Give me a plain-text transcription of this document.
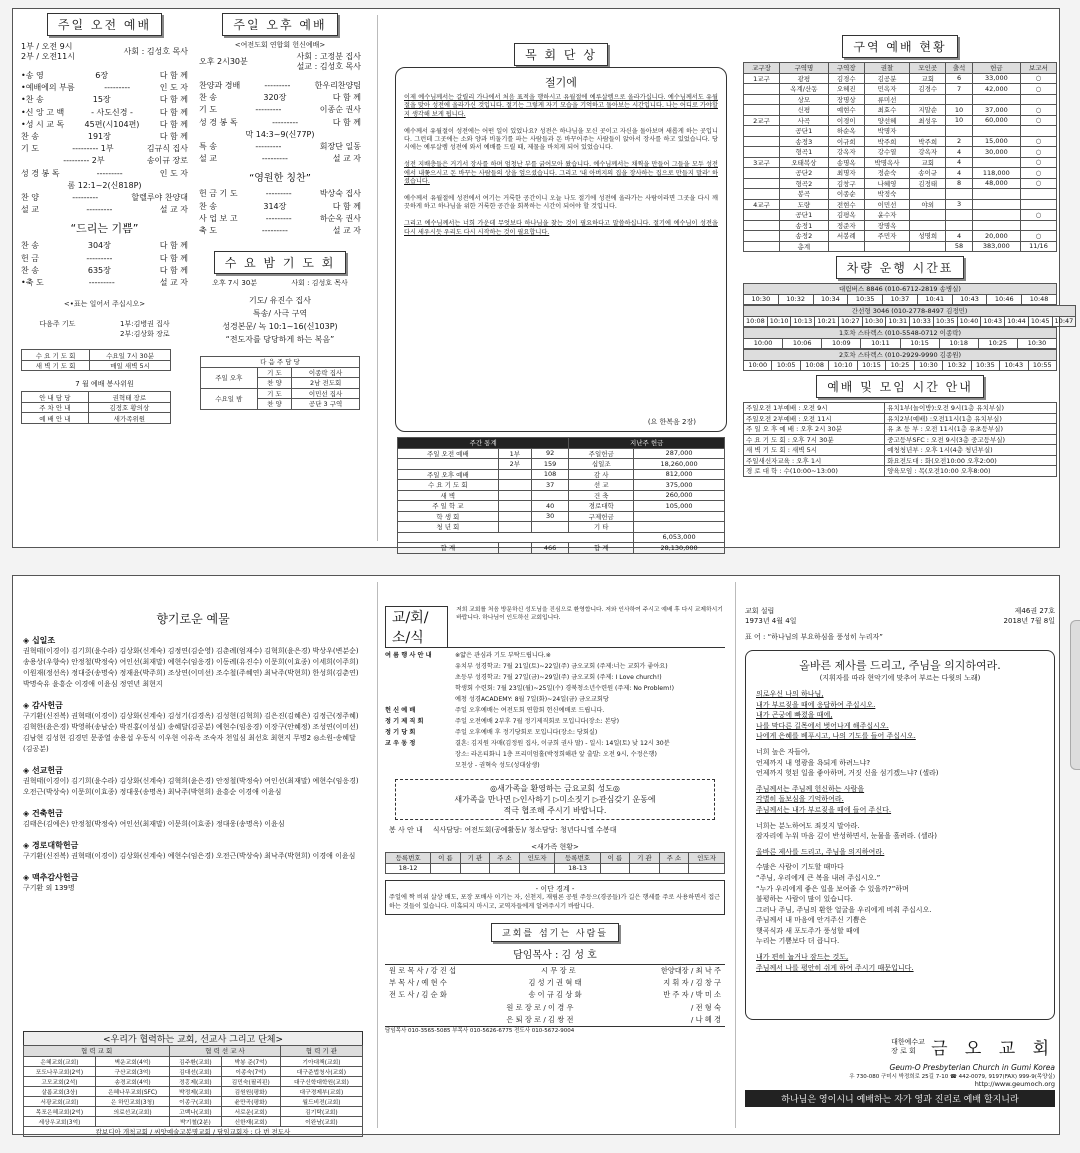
주일 오전 예배
1부 / 오전 9시
2부 / 오전11시
사회 : 김성호 목사
•송 영	6장	다 함 께
•예배에의 부름	---------	인 도 자
•찬 송	15장	다 함 께
•신 앙 고 백	- 사도신경 -	다 함 께
•성 시 교 독	45편(시104편)	다 함 께
찬 송	191장	다 함 께
기 도	--------- 1부	김규식 집사
--------- 2부	송이규 장로
성 경 봉 독	---------	인 도 자
롬 12:1~2(신818P)
찬 양	---------	할렐루야 찬양대
설 교	---------	설 교 자
“드리는 기쁨”
찬 송	304장	다 함 께
헌 금	---------	다 함 께
찬 송	635장	다 함 께
•축 도	---------	설 교 자
<•표는 일어서 주십시오>
다음주 기도	1부:김병권 집사
2부:김상화 장로
수 요 기 도 회	수요일 7시 30분
새 벽 기 도 회	매일 새벽 5시
7 월 예배 봉사위원
안 내 담 당	권혁태 장로
주 차 안 내	김정호 황의상
예 배 안 내	새가족위원
주일 오후 예배
<여전도회 연합회 헌신예배>
오후 2시30분
사회 : 고정분 집사
설교 : 김성호 목사
찬양과 경배	---------	한우리찬양팀
찬 송	320장	다 함 께
기 도	---------	이종순 권사
성 경 봉 독	---------	다 함 께
막 14:3~9(신77P)
특 송	---------	회장단 일동
설 교	---------	설 교 자
“영원한 칭찬”
헌 금 기 도	---------	박상숙 집사
찬 송	314장	다 함 께
사 업 보 고	---------	하순옥 권사
축 도	---------	설 교 자
수 요 밤 기 도 회
오후 7시 30분	사회 : 김성호 목사
기도/ 유진수 집사
특송/ 사극 구역
성경본문/ 녹 10:1~16(신103P)
“전도자를 당당하게 하는 복음”
다 음 주 담 당		
주일 오후	기 도	이종락 집사
	찬 양	2남 전도회
수요일 밤	기 도	이민선 집사
	찬 양	공단 3 구역
목 회 단 상
절기에

이제 예수님께서는 갈릴리 가나에서 처음 표적을 행하시고 유월절에 예루살렘으로 올라가십니다. 예수님께서도 유월절을 맞아 성전에 올라가신 것입니다. 절기는 그렇게 자기 모습을 기억하고 돌아보는 시간입니다. 나는 어디로 가야할지 생각해 보게 됩니다.

예수께서 유월절이 성전에는 어떤 일이 있었나요? 성전은 하나님을 모신 곳이고 자신을 돌아보며 새롭게 하는 곳입니다. 그런데 그곳에는 소와 양과 비둘기를 파는 사람들과 돈 바꾸어주는 사람들이 앉아서 장사를 하고 있었습니다. 당시에는 예루살렘 성전에 와서 예배를 드릴 때, 제물을 바치게 되어 있었습니다.

성전 지배층들은 거기서 장사를 하며 엄청난 부를 긁어모아 왔습니다. 예수님께서는 채찍을 만들어 그들을 모두 성전에서 내쫓으시고 돈 바꾸는 사람들의 상을 엎으셨습니다. 그리고 '내 아버지의 집을 장사하는 집으로 만들지 말라' 하셨습니다.

예수께서 유월절에 성전에서 여기는 거룩한 공간이니 오늘 나도 절기에 성전에 올라가는 사람이라면 그곳을 다시 깨끗하게 하고 하나님을 위한 거룩한 공간을 회복하는 시간이 되어야 할 것입니다.

그리고 예수님께서는 너희 가운데 무엇보다 하나님을 찾는 것이 필요하다고 말씀하십니다. 절기에 예수님이 성전을 다시 세우시듯 우리도 다시 시작하는 것이 필요합니다.

(요 한복음 2장)
주간 통계			지난주 헌금	
주일 오전 예배	1부	92	주일헌금	287,000
	2부	159	십일조	18,260,000
주일 오후 예배		108	감 사	812,000
수 요 기 도 회		37	선 교	375,000
새 벽			건 축	260,000
주 일 학 교		40	경로대학	105,000
학 생 회		30	구제헌금	
청 년 회			기 타	
				6,053,000
합 계		466	합 계	28,130,000
구역 예배 현황
교구장	구역명	구역장	권찰	모인곳	출석	헌금	보고서
1교구	광평	김경수	김공분	교회	6	33,000	○
	옥계/산동	오혜진	민옥자	김경수	7	42,000	○
	상모	장명상	류미선				
	신평	예현수	최효수	지말순	10	37,000	○
2교구	사곡	이경이	양선혜	최성우	10	60,000	○
	공단1	하순옥	박명자				
	송정3	이규희	박주희	박주희	2	15,000	○
	형곡1	강옥자	강수열	강옥자	4	30,000	○
3교구	오태복상	송명옥	박명옥사	교회	4		○
	공단2	최명자	정순숙	송이규	4	118,000	○
	형곡2	김창구	나혜영	김정태	8	48,000	○
	봉곡	이종순	박정숙				
4교구	도량	전현수	이민선	야외	3		
	공단1	김평옥	윤수자				○
	송정1	정준자	장명옥				
	송정2	서봉례	주민자	성명희	4	20,000	○
	총계				58	383,000	11/16
차량 운행 시간표
대림버스 8846 (010-6712-2819 송병실)
10:30	10:32	10:34	10:35	10:37	10:41	10:43	10:46	10:48
간선형 3046 (010-2778-8497 김정민)
10:08	10:10	10:13	10:21	10:27	10:30	10:31	10:33	10:35	10:40	10:43	10:44	10:45	10:47
1호차 스타렉스 (010-5548-0712 이종락)
10:00	10:06	10:09	10:11	10:15	10:18	10:25	10:30
2호차 스타렉스 (010-2929-9990 김종원)
10:00	10:05	10:08	10:10	10:15	10:25	10:30	10:32	10:35	10:43	10:55
예배 및 모임 시간 안내
주일오전 1부예배 : 오전 9시	유치1부(놀이방):오전 9시(1층 유치부실)
주일오전 2부예배 : 오전 11시	유치2부(예배) :오전11시(1층 유치부실)
주 일 오 후 예 배 : 오후 2시 30분	유 초 등 부 : 오전 11시(1층 유초등부실)
수 요 기 도 회 : 오후 7시 30분	중고등부SFC : 오전 9시(3층 중고등부실)
새 벽 기 도 회 : 새벽 5시	예청청년부 : 오후 1시(4층 청년부실)
주일새신자교육 : 오후 1시	화요전도대 : 화(오전10:00 오후2:00)
경 로 대 학 : 수(10:00~13:00)	양육모임 : 목(오전10:00 오후8:00)
향기로운 예물
◈ 십일조
권혁태(이경이) 김기희(윤수라) 김상화(신계숙) 김정연(김순영) 김춘례(엄재수) 김혁희(윤은경) 박상우(변분순) 송용상(우향숙) 안정철(박정숙) 여인선(최재말) 예현수(임응경) 이동례(유진수) 이문희(이효종) 이세희(이주희) 이원재(정선옥) 정대중(송명숙) 정재윤(박주희) 조상연(이미선) 조수철(주혜연) 최낙주(박현희) 한성희(김춘연) 박명숙유 윤흥순 이경애 이윤심 정연년 최현지
◈ 감사헌금
구기환(신진복) 권혁태(이경이) 김상화(신계숙) 김성기(김경옥) 김성현(김혁희) 김은진(김혜은) 김정근(정주혜) 김혁한(윤은경) 박영하(송남순) 박진홍(이성실) 송혜달(김공분) 예현수(임응경) 이장구(안혜정) 조성연(이미선) 김남현 김성현 김경민 문종열 송용섭 우동식 이우현 이유옥 조숙자 천일심 최선호 최현지 무명2 ◎소원-송혜달(김공분)
◈ 선교헌금
권혁태(이경이) 김기희(윤수라) 김상화(신계숙) 김혁희(윤은경) 안정철(박정숙) 여인선(최재말) 예현수(임응경) 오전근(박상숙) 이문희(이효종) 정대웅(송명옥) 최낙주(박현희) 윤흥순 이경애 이윤심
◈ 건축헌금
김태은(김예은) 안정철(박정숙) 여인선(최재말) 이문희(이효종) 정대웅(송명옥) 이윤심
◈ 경로대학헌금
구기환(신진복) 권혁태(이경이) 김상화(신계숙) 예현수(임은경) 오전근(박상숙) 최낙주(박현희) 이경애 이윤심
◈ 맥추감사헌금
구기환 외 139명
<우리가 협력하는 교회, 선교사 그리고 단체>
협 력 교 회		협 력 선 교 사		협 력 기 관
은혜교회(교회)	벽운교회(4억)	김주환(교회)	박봉 준(7억)	기아대책(교회)
포도나무교회(2억)	구산교회(3억)	김대선(교회)	이종숙(7억)	대구준법청사(교회)
고모교회(2석)	송경교회(4억)	정홍제(교회)	김민숙(필리핀)	대구신학대학원(교회)
살롬교회(3상)	은혜나무교회(SFC)	박정제(교회)	김원원(평화)	대구경제부(교회)
서광교회(교회)	은 하민교회(3청)	이종구(교회)	윤만곡(평화)	월드비전(교회)
목포은혜교회(2억)	의료선교(교회)	고백나(교회)	서로운(교회)	김기탁(교회)
세상우교회(3억)		박기철(2분)	신한재(교회)	이완남(교회)
캄보디아 개척교회 / 씨앗예술고봉명교회 / 담임교회자 : 다 번 전도사				
교/회/소/식
저희 교회를 처음 방문하신 성도님을 진심으로 환영합니다. 저와 인사하여 주시고 예배 후 다시 교제하시기 바랍니다. 하나님이 인도하신 교회입니다.
여 름 행 사 안 내	※얇은 관심과 기도 부탁드립니다.※
유치부 성경학교: 7월 21일(토)~22일(주) 금오교회 (주제:너는 교회가 좋아요)
초등부 성경학교: 7월 27일(금)~29일(주) 금오교회 (주제: I Love church!)
학생회 수련회: 7월 23일(월)~25일(수) 경북청소년수련원 (주제: No Problem!)
예청 성경ACADEMY: 8월 7일(화)~24일(금) 금오교회당
헌 신 예 배	주일 오후예배는 여전도회 연합회 헌신예배로 드립니다.
정 기 제 직 회	주일 오전예배 2부후 7월 정기제직회로 모입니다(장소: 본당)
정 기 당 회	주일 오후예배 후 정기당회로 모입니다(장소: 당회실)
교 우 동 정	결혼: 김지원 자매(김정원 집사, 이규희 권사 딸) - 일시: 14일(토) 낮 12시 30분
장소: 라온티화니 1층 프리미엄홀(박정희해관 앞 출발: 오전 9시, 수정은행)
모친상 - 권혁숙 성도(성대삼생)
◎새가족을 환영하는 금요교회 성도◎
새가족을 만나면 ▷인사하기 ▷미소짓기 ▷관심갖기 운동에
적극 협조해 주시기 바랍니다.
봉 사 안 내 식사담당: 여전도회(공예활동)/ 청소담당: 청년다니엘 수봉대
<새가족 현황>
등록번호	이 름	기 관	주 소	인도자	등록번호	이 름	기 관	주 소	인도자
18-12					18-13				
- 이단 경계 -
주일에 짝 비위 살상 배도, 포장 포배사 이기는 자, 신천지, 재림론 공원 주등으(경공들)가 길은 행세를 주로 사용하면서 접근하는 것들이 있습니다. 미혹되지 마시고, 교역자들에게 알려주시기 바랍니다.
교회를 섬기는 사람들
담임목사 : 김 성 호
원 로 목 사 / 강 진 섭	시 무 장 로	한양대장 / 최 낙 주
부 목 사 / 예 현 수	김 성 기 권 혁 태	지 휘 자 / 김 창 구
전 도 사 / 김 순 화	송 이 규 김 상 화	반 주 자 / 박 미 소
원 로 장 로 / 이 경 우	/ 전 형 숙
은 퇴 장 로 / 김 쌍 전	/ 나 혜 경
담임목사 010-3565-5085 부목사 010-5626-6775 전도사 010-5672-9004
교회 설립
1973년 4월 4일
제46권 27호
2018년 7월 8일
표 어 : “하나님의 부요하심을 풍성히 누리자”
올바른 제사를 드리고, 주님을 의지하여라.
(지휘자를 따라 현악기에 맞추어 부르는 다윗의 노래)
의로우신 나의 하나님,
내가 부르짖을 때에 응답하여 주십시오.
내가 곤궁에 빠졌을 때에,
나를 막다른 길목에서 벗어나게 해주십시오.
나에게 은혜를 베푸시고, 나의 기도를 들어 주십시오.
너희 높은 자들아,
언제까지 내 영광을 욕되게 하려느냐?
언제까지 헛된 일을 좋아하며, 거짓 신을 섬기겠느냐? (셀라)
주님께서는 주님께 헌신하는 사람을
각별히 돌보심을 기억하여라.
주님께서는 내가 부르짖을 때에 들어 주신다.
너희는 분노하여도 죄짓지 말아라.
잠자리에 누워 마음 깊이 반성하면서, 눈물을 흘려라. (셀라)
올바른 제사를 드리고, 주님을 의지하여라.
수많은 사람이 기도할 때마다
“주님, 우리에게 큰 복을 내려 주십시오.”
“누가 우리에게 좋은 일을 보여줄 수 있을까?”하며
불평하는 사람이 많이 있습니다.
그러나 주님, 주님의 환한 얼굴을 우리에게 비춰 주십시오.
주님께서 내 마음에 안겨주신 기쁨은
햇곡식과 새 포도주가 풍성할 때에
누리는 기쁨보다 더 큽니다.
내가 편히 눕거나 잠드는 것도,
주님께서 나를 평안히 쉬게 하여 주시기 때문입니다.
대한예수교 장 로 회 금 오 교 회
Geum-O Presbyterian Church in Gumi Korea
우 730-080 구미시 박정희로 25길 7-10 ☎ 442-0079, 9197(FAX) 999-9(목양실)
http://www.geumoch.org
하나님은 영이시니 예배하는 자가 영과 진리로 예배 할지니라
